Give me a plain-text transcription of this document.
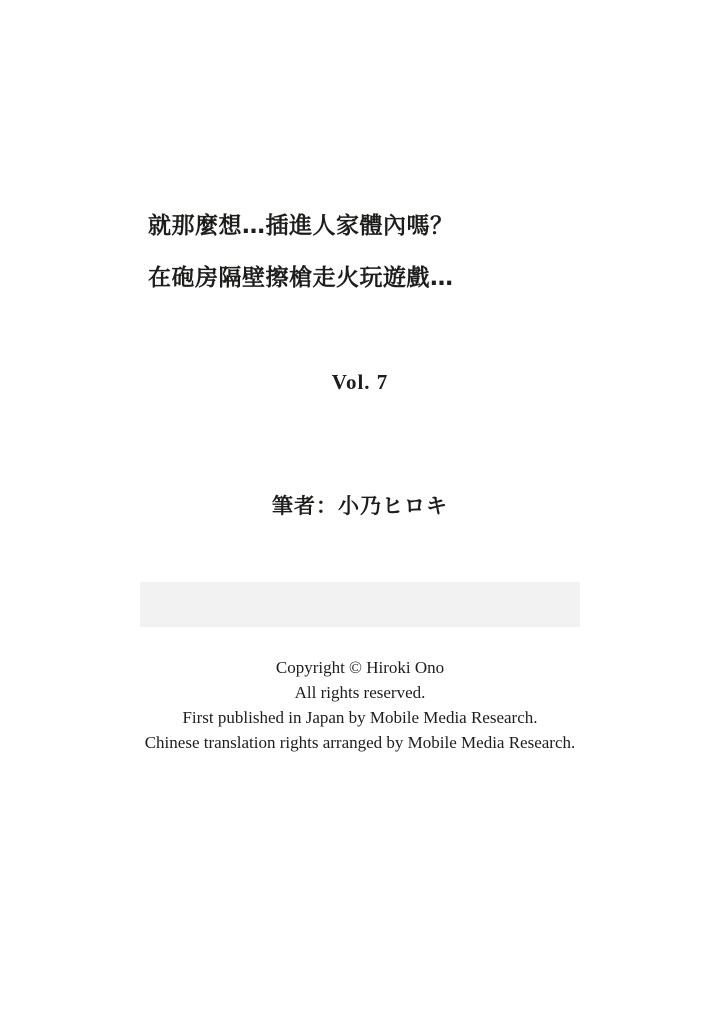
就那麼想…插進人家體內嗎？
在砲房隔壁擦槍走火玩遊戲…
Vol. 7
筆者：小乃ヒロキ
Copyright © Hiroki Ono
All rights reserved.
First published in Japan by Mobile Media Research.
Chinese translation rights arranged by Mobile Media Research.
